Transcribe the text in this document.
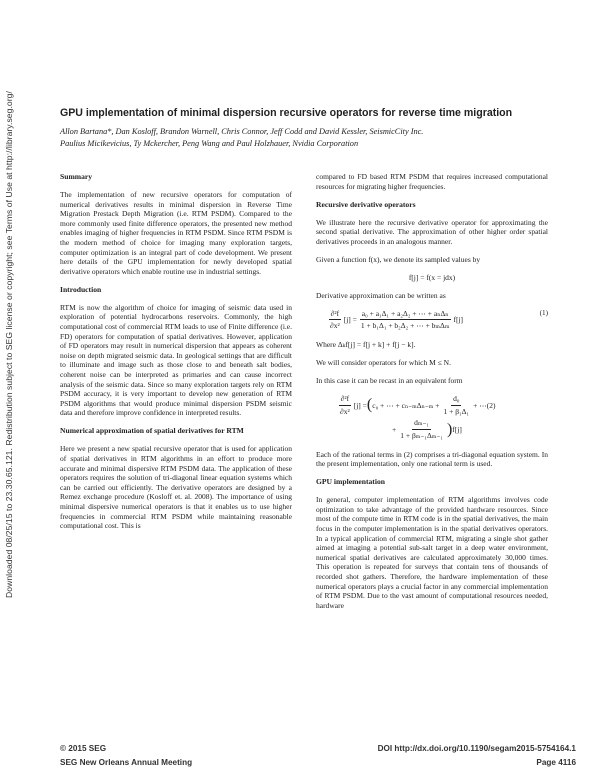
Downloaded 08/25/15 to 23.30.65.121. Redistribution subject to SEG license or copyright; see Terms of Use at http://library.seg.org/	GPU implementation of minimal dispersion recursive operators for reverse time migration
Allon Bartana*, Dan Kosloff, Brandon Warnell, Chris Connor, Jeff Codd and David Kessler, SeismicCity Inc.
Paulius Micikevicius, Ty Mckercher, Peng Wang and Paul Holzhauer, Nvidia Corporation
Summary

The implementation of new recursive operators for computation of numerical derivatives results in minimal dispersion in Reverse Time Migration Prestack Depth Migration (i.e. RTM PSDM). Compared to the more commonly used finite difference operators, the presented new method enables imaging of higher frequencies in RTM PSDM. Since RTM PSDM is the modern method of choice for imaging many exploration targets, computer optimization is an integral part of code development. We present here details of the GPU implementation for newly developed spatial derivative operators which enable routine use in industrial settings.

Introduction

RTM is now the algorithm of choice for imaging of seismic data used in exploration of potential hydrocarbons reservoirs. Commonly, the high computational cost of commercial RTM leads to use of Finite difference (i.e. FD) operators for computation of spatial derivatives. However, application of FD operators may result in numerical dispersion that appears as coherent noise on depth migrated seismic data. In geological settings that are difficult to illuminate and image such as those close to and beneath salt bodies, coherent noise can be interpreted as primaries and can cause incorrect analysis of the seismic data. Since so many exploration targets rely on RTM PSDM accuracy, it is very important to develop new generation of RTM PSDM algorithms that would produce minimal dispersion PSDM seismic data and therefore improve confidence in interpreted results.

Numerical approximation of spatial derivatives for RTM

Here we present a new spatial recursive operator that is used for application of spatial derivatives in RTM algorithms in an effort to produce more accurate and minimal dispersive RTM PSDM data. The application of these operators requires the solution of tri-diagonal linear equation systems which can be carried out efficiently. The derivative operators are designed by a Remez exchange procedure (Kosloff et. al. 2008). The importance of using minimal dispersive numerical operators is that it enables us to use higher frequencies in commercial RTM PSDM while maintaining reasonable computational cost. This is

compared to FD based RTM PSDM that requires increased computational resources for migrating higher frequencies.

Recursive derivative operators

We illustrate here the recursive derivative operator for approximating the second spatial derivative. The approximation of other higher order spatial derivatives proceeds in an analogous manner.

Given a function f(x), we denote its sampled values by

f[j] = f(x = jdx)

Derivative approximation can be written as

$\frac{\text{∂²f}}{\text{∂x²}} [j] = \frac{\text{a₀ + a₁Δ₁ + a₂Δ₂ + ⋯ + aₙΔₙ}}{\text{1 + b₁Δ₁ + b₂Δ₂ + ⋯ + bₘΔₘ}} f[j]$
(1)

Where Δₖf[j] = f[j + k] + f[j − k].

We will consider operators for which M ≤ N.

In this case it can be recast in an equivalent form

$\frac{\text{∂²f}}{\text{∂x²}} [j]$ = ( c₀ + ⋯ + $c_{n-m}\Delta_{n-m} + \frac{\text{d₀}}{\text{1 + β₁Δ₁}}$ + ⋯ (2)
+ $\frac{\text{dₘ₋₁}}{\text{1 + βₘ₋₁Δₘ₋₁}}$ ) f[j]

Each of the rational terms in (2) comprises a tri-diagonal equation system. In the present implementation, only one rational term is used.

GPU implementation

In general, computer implementation of RTM algorithms involves code optimization to take advantage of the provided hardware resources. Since most of the compute time in RTM code is in the spatial derivatives, the main focus in the computer implementation is in the spatial derivatives operators. In a typical application of commercial RTM, migrating a single shot gather aimed at imaging a potential sub-salt target in a deep water environment, numerical spatial derivatives are calculated approximately 30,000 times. This operation is repeated for surveys that contain tens of thousands of recorded shot gathers. Therefore, the hardware implementation of these numerical operators plays a crucial factor in any commercial implementation of RTM PSDM. Due to the vast amount of computational resources needed, hardware

© 2015 SEG	DOI http://dx.doi.org/10.1190/segam2015-5754164.1
SEG New Orleans Annual Meeting	Page 4116
